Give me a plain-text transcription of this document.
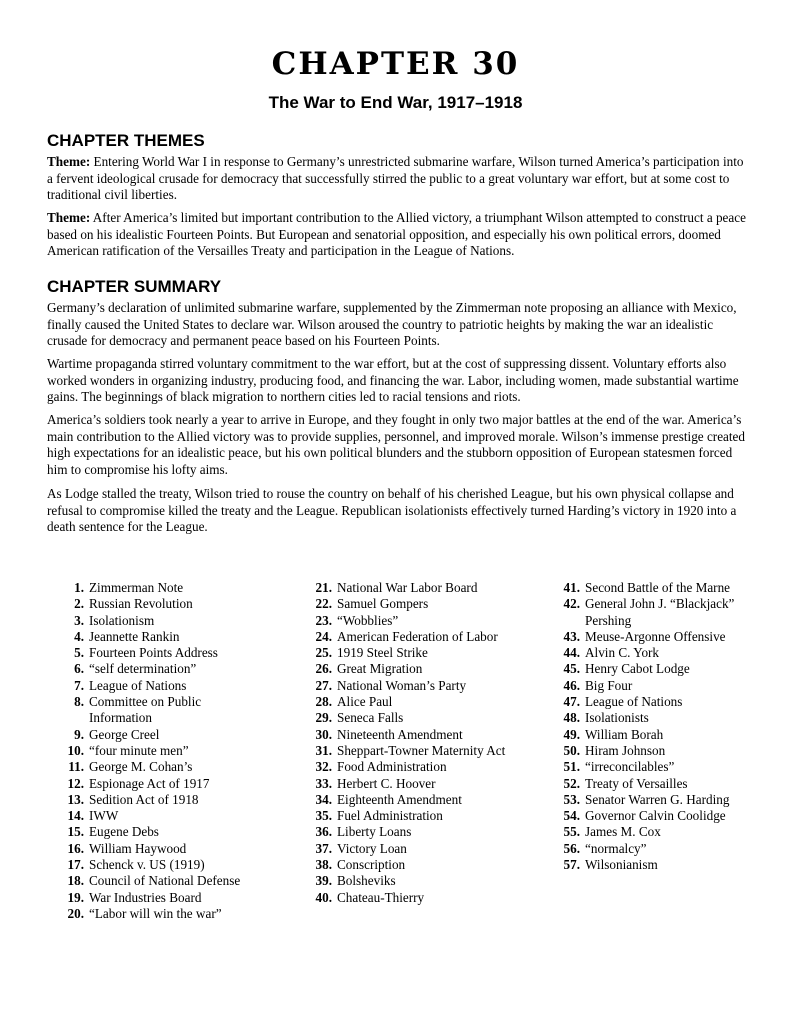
CHAPTER 30
The War to End War, 1917–1918
CHAPTER THEMES

Theme: Entering World War I in response to Germany’s unrestricted submarine warfare, Wilson turned America’s participation into a fervent ideological crusade for democracy that successfully stirred the public to a great voluntary war effort, but at some cost to traditional civil liberties.

Theme: After America’s limited but important contribution to the Allied victory, a triumphant Wilson attempted to construct a peace based on his idealistic Fourteen Points. But European and senatorial opposition, and especially his own political errors, doomed American ratification of the Versailles Treaty and participation in the League of Nations.

CHAPTER SUMMARY

Germany’s declaration of unlimited submarine warfare, supplemented by the Zimmerman note proposing an alliance with Mexico, finally caused the United States to declare war. Wilson aroused the country to patriotic heights by making the war an idealistic crusade for democracy and permanent peace based on his Fourteen Points.

Wartime propaganda stirred voluntary commitment to the war effort, but at the cost of suppressing dissent. Voluntary efforts also worked wonders in organizing industry, producing food, and financing the war. Labor, including women, made substantial wartime gains. The beginnings of black migration to northern cities led to racial tensions and riots.

America’s soldiers took nearly a year to arrive in Europe, and they fought in only two major battles at the end of the war. America’s main contribution to the Allied victory was to provide supplies, personnel, and improved morale. Wilson’s immense prestige created high expectations for an idealistic peace, but his own political blunders and the stubborn opposition of European statesmen forced him to compromise his lofty aims.

As Lodge stalled the treaty, Wilson tried to rouse the country on behalf of his cherished League, but his own physical collapse and refusal to compromise killed the treaty and the League. Republican isolationists effectively turned Harding’s victory in 1920 into a death sentence for the League.

1. Zimmerman Note
2. Russian Revolution
3. Isolationism
4. Jeannette Rankin
5. Fourteen Points Address
6. “self determination”
7. League of Nations
8. Committee on Public Information
9. George Creel
10. “four minute men”
11. George M. Cohan’s
12. Espionage Act of 1917
13. Sedition Act of 1918
14. IWW
15. Eugene Debs
16. William Haywood
17. Schenck v. US (1919)
18. Council of National Defense
19. War Industries Board
20. “Labor will win the war”
21. National War Labor Board
22. Samuel Gompers
23. “Wobblies”
24. American Federation of Labor
25. 1919 Steel Strike
26. Great Migration
27. National Woman’s Party
28. Alice Paul
29. Seneca Falls
30. Nineteenth Amendment
31. Sheppart-Towner Maternity Act
32. Food Administration
33. Herbert C. Hoover
34. Eighteenth Amendment
35. Fuel Administration
36. Liberty Loans
37. Victory Loan
38. Conscription
39. Bolsheviks
40. Chateau-Thierry
41. Second Battle of the Marne
42. General John J. “Blackjack” Pershing
43. Meuse-Argonne Offensive
44. Alvin C. York
45. Henry Cabot Lodge
46. Big Four
47. League of Nations
48. Isolationists
49. William Borah
50. Hiram Johnson
51. “irreconcilables”
52. Treaty of Versailles
53. Senator Warren G. Harding
54. Governor Calvin Coolidge
55. James M. Cox
56. “normalcy”
57. Wilsonianism
